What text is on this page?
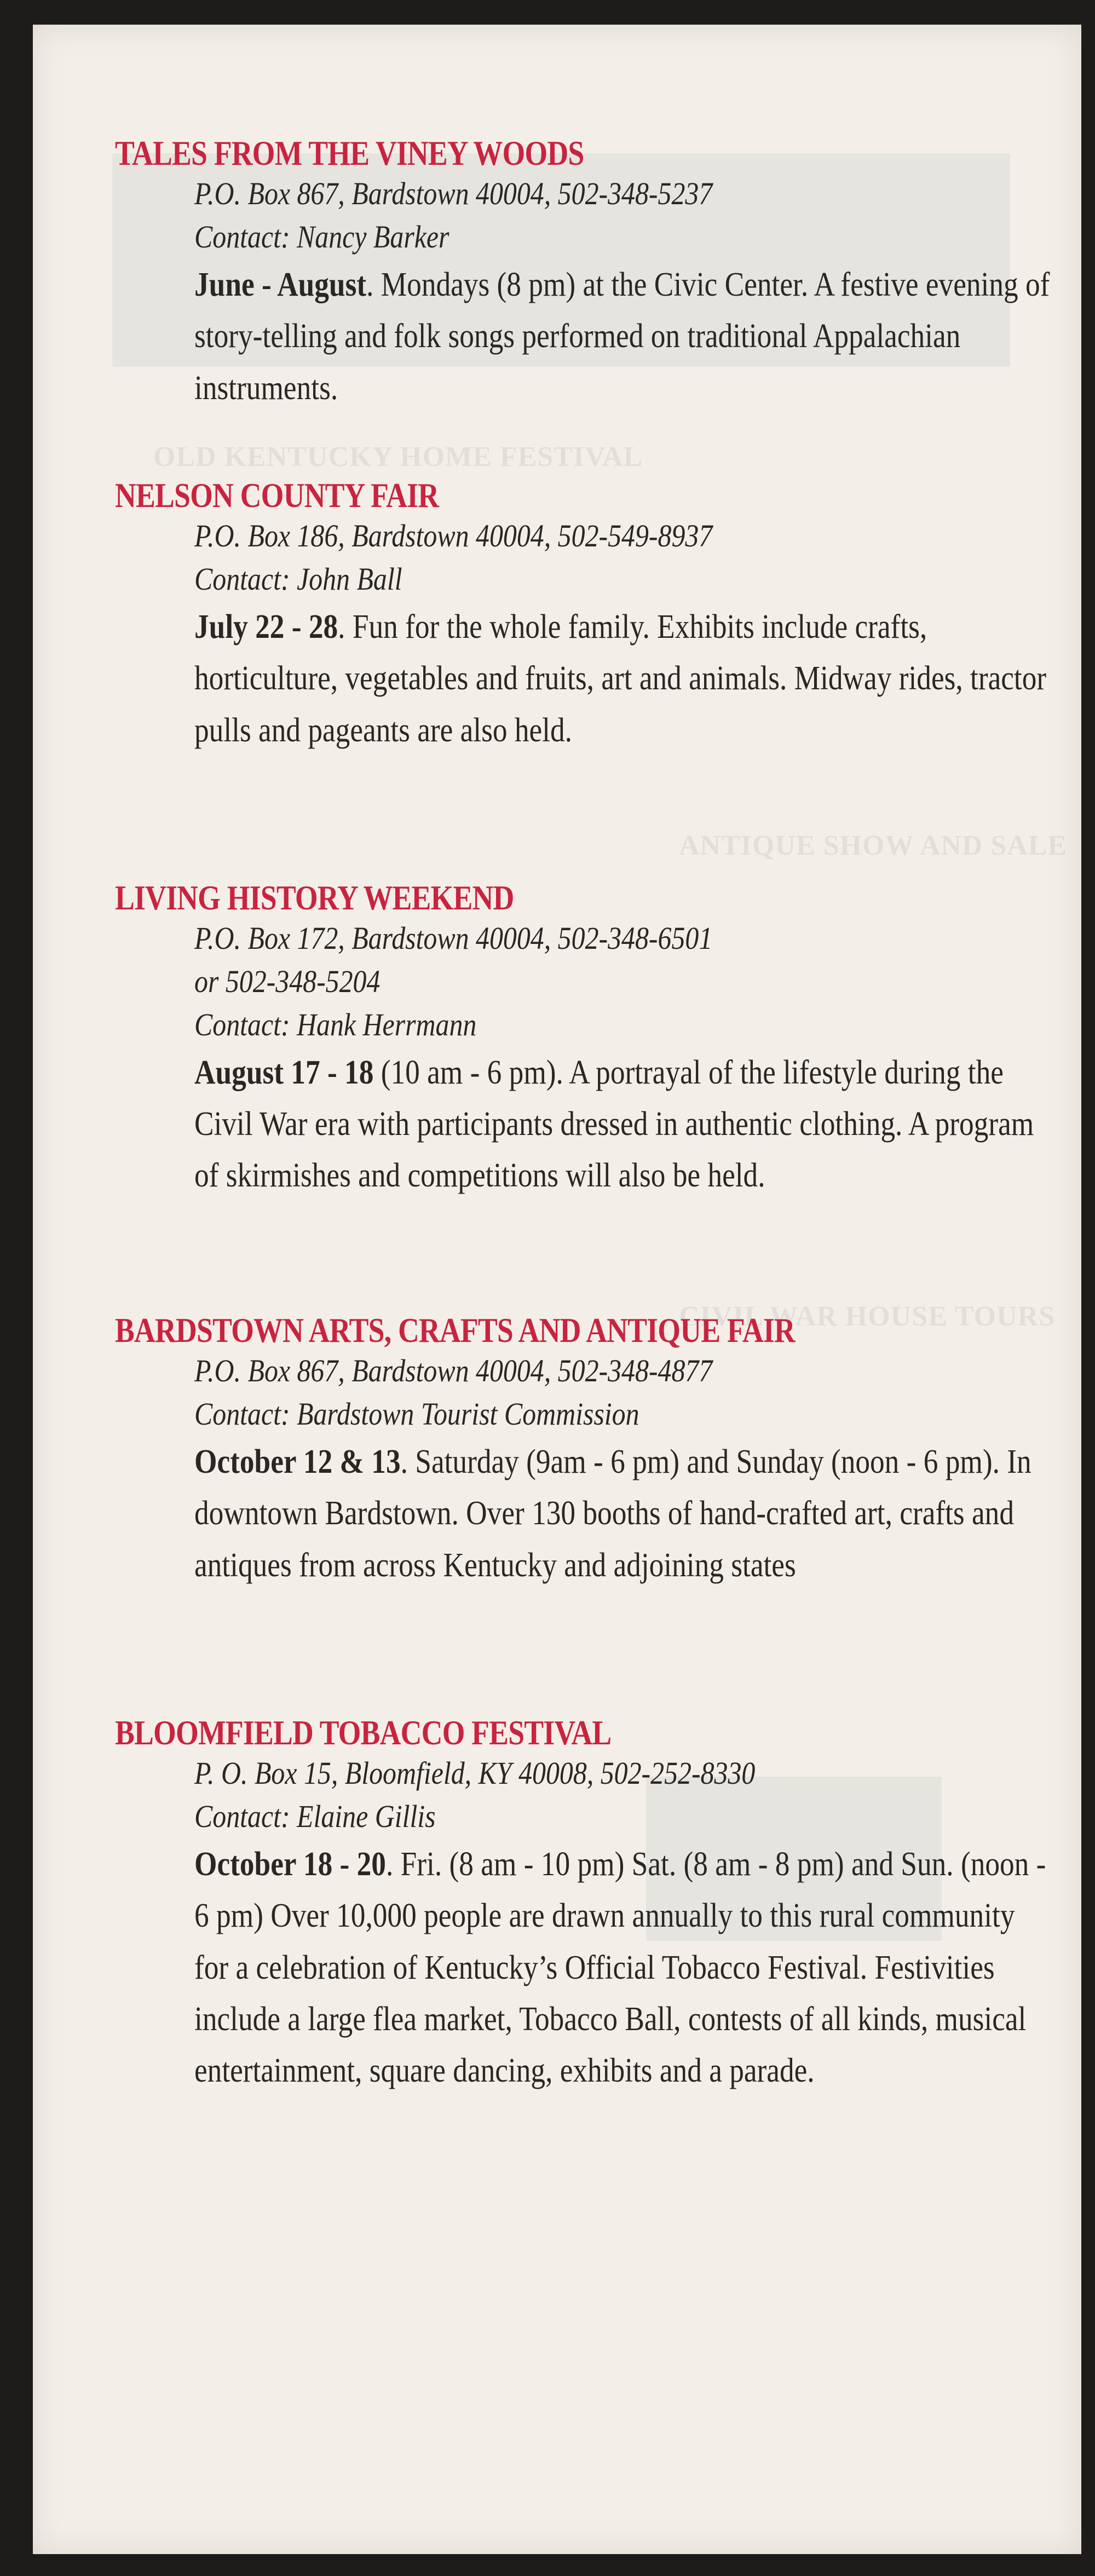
OLD KENTUCKY HOME FESTIVAL
ANTIQUE SHOW AND SALE
CIVIL WAR HOUSE TOURS
TALES FROM THE VINEY WOODS
P.O. Box 867, Bardstown 40004, 502-348-5237
Contact: Nancy Barker
June - August. Mondays (8 pm) at the Civic Center. A festive evening of story-telling and folk songs performed on traditional Appalachian instruments.
NELSON COUNTY FAIR
P.O. Box 186, Bardstown 40004, 502-549-8937
Contact: John Ball
July 22 - 28. Fun for the whole family. Exhibits include crafts, horticulture, vegetables and fruits, art and animals. Midway rides, tractor pulls and pageants are also held.
LIVING HISTORY WEEKEND
P.O. Box 172, Bardstown 40004, 502-348-6501
or 502-348-5204
Contact: Hank Herrmann
August 17 - 18 (10 am - 6 pm). A portrayal of the lifestyle during the Civil War era with participants dressed in authentic clothing. A program of skirmishes and competitions will also be held.
BARDSTOWN ARTS, CRAFTS AND ANTIQUE FAIR
P.O. Box 867, Bardstown 40004, 502-348-4877
Contact: Bardstown Tourist Commission
October 12 & 13. Saturday (9am - 6 pm) and Sunday (noon - 6 pm). In downtown Bardstown. Over 130 booths of hand-crafted art, crafts and antiques from across Kentucky and adjoining states
BLOOMFIELD TOBACCO FESTIVAL
P. O. Box 15, Bloomfield, KY 40008, 502-252-8330
Contact: Elaine Gillis
October 18 - 20. Fri. (8 am - 10 pm) Sat. (8 am - 8 pm) and Sun. (noon - 6 pm) Over 10,000 people are drawn annually to this rural community for a celebration of Kentucky’s Official Tobacco Festival. Festivities include a large flea market, Tobacco Ball, contests of all kinds, musical entertainment, square dancing, exhibits and a parade.
